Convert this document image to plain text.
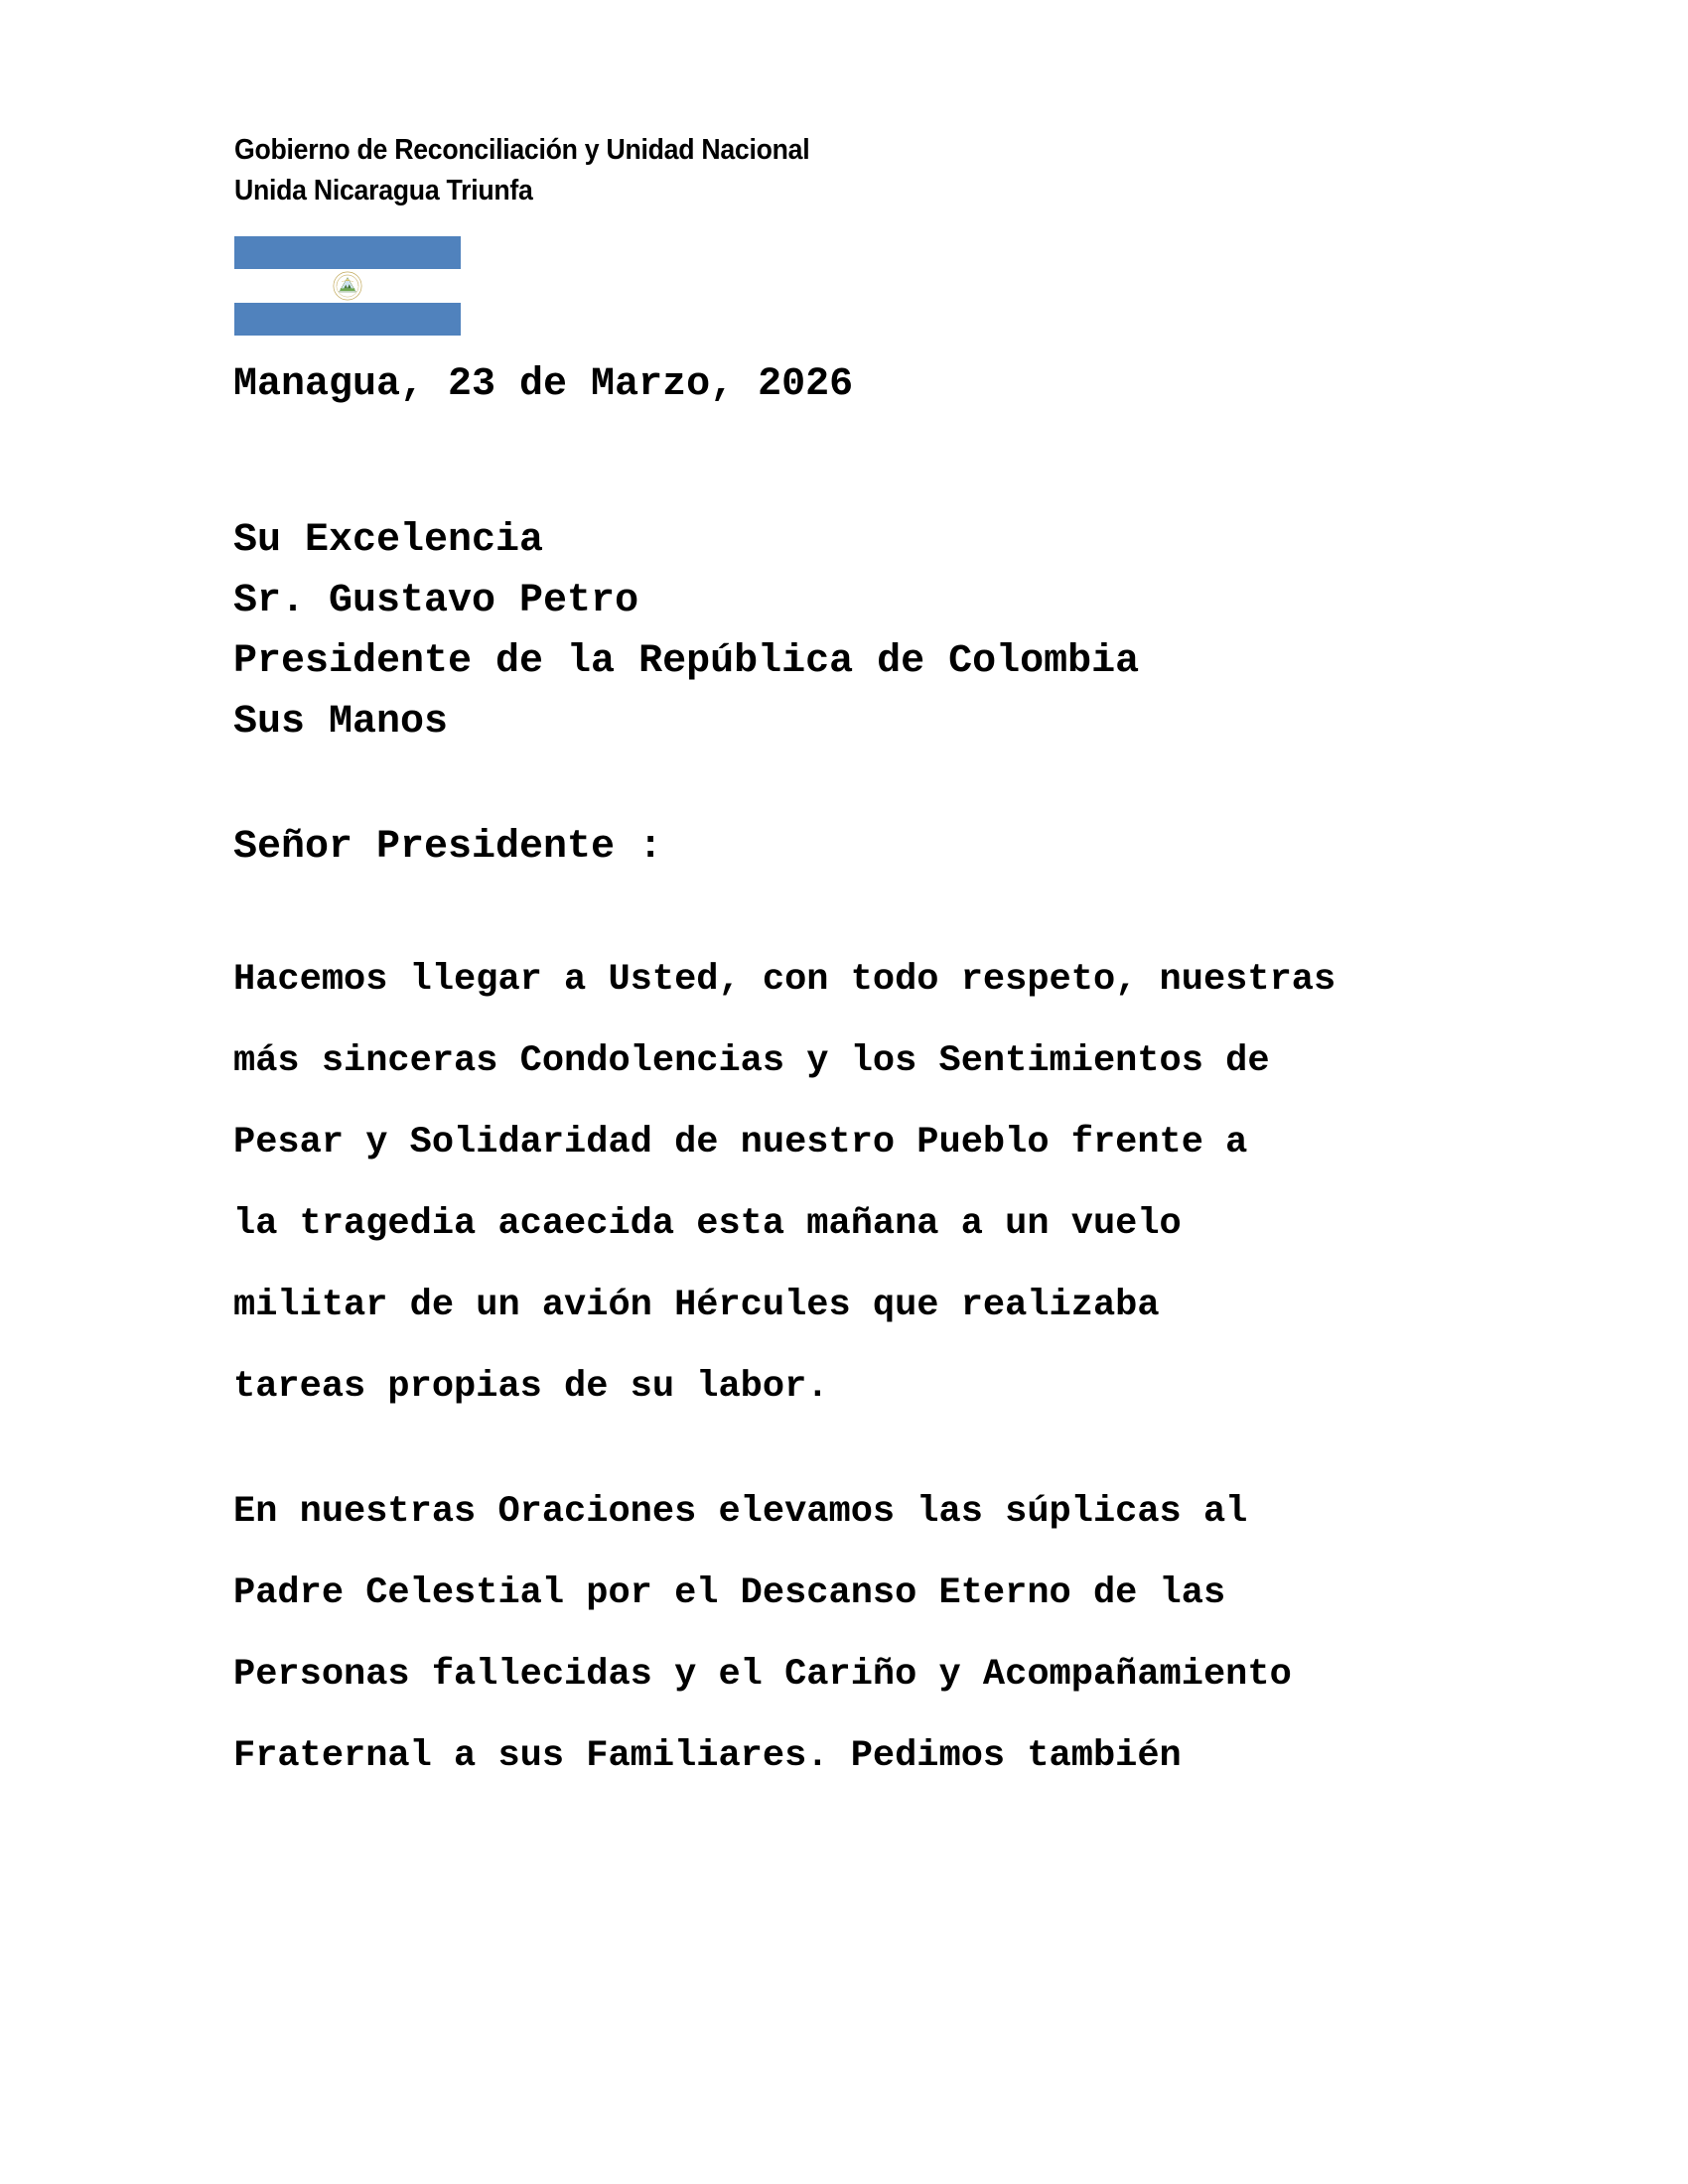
Gobierno de Reconciliación y Unidad Nacional
Unida Nicaragua Triunfa
Managua, 23 de Marzo, 2026
Su Excelencia
Sr. Gustavo Petro
Presidente de la República de Colombia
Sus Manos
Señor Presidente :
Hacemos llegar a Usted, con todo respeto, nuestras
más sinceras Condolencias y los Sentimientos de
Pesar y Solidaridad de nuestro Pueblo frente a
la tragedia acaecida esta mañana a un vuelo
militar de un avión Hércules que realizaba
tareas propias de su labor.
En nuestras Oraciones elevamos las súplicas al
Padre Celestial por el Descanso Eterno de las
Personas fallecidas y el Cariño y Acompañamiento
Fraternal a sus Familiares. Pedimos también
